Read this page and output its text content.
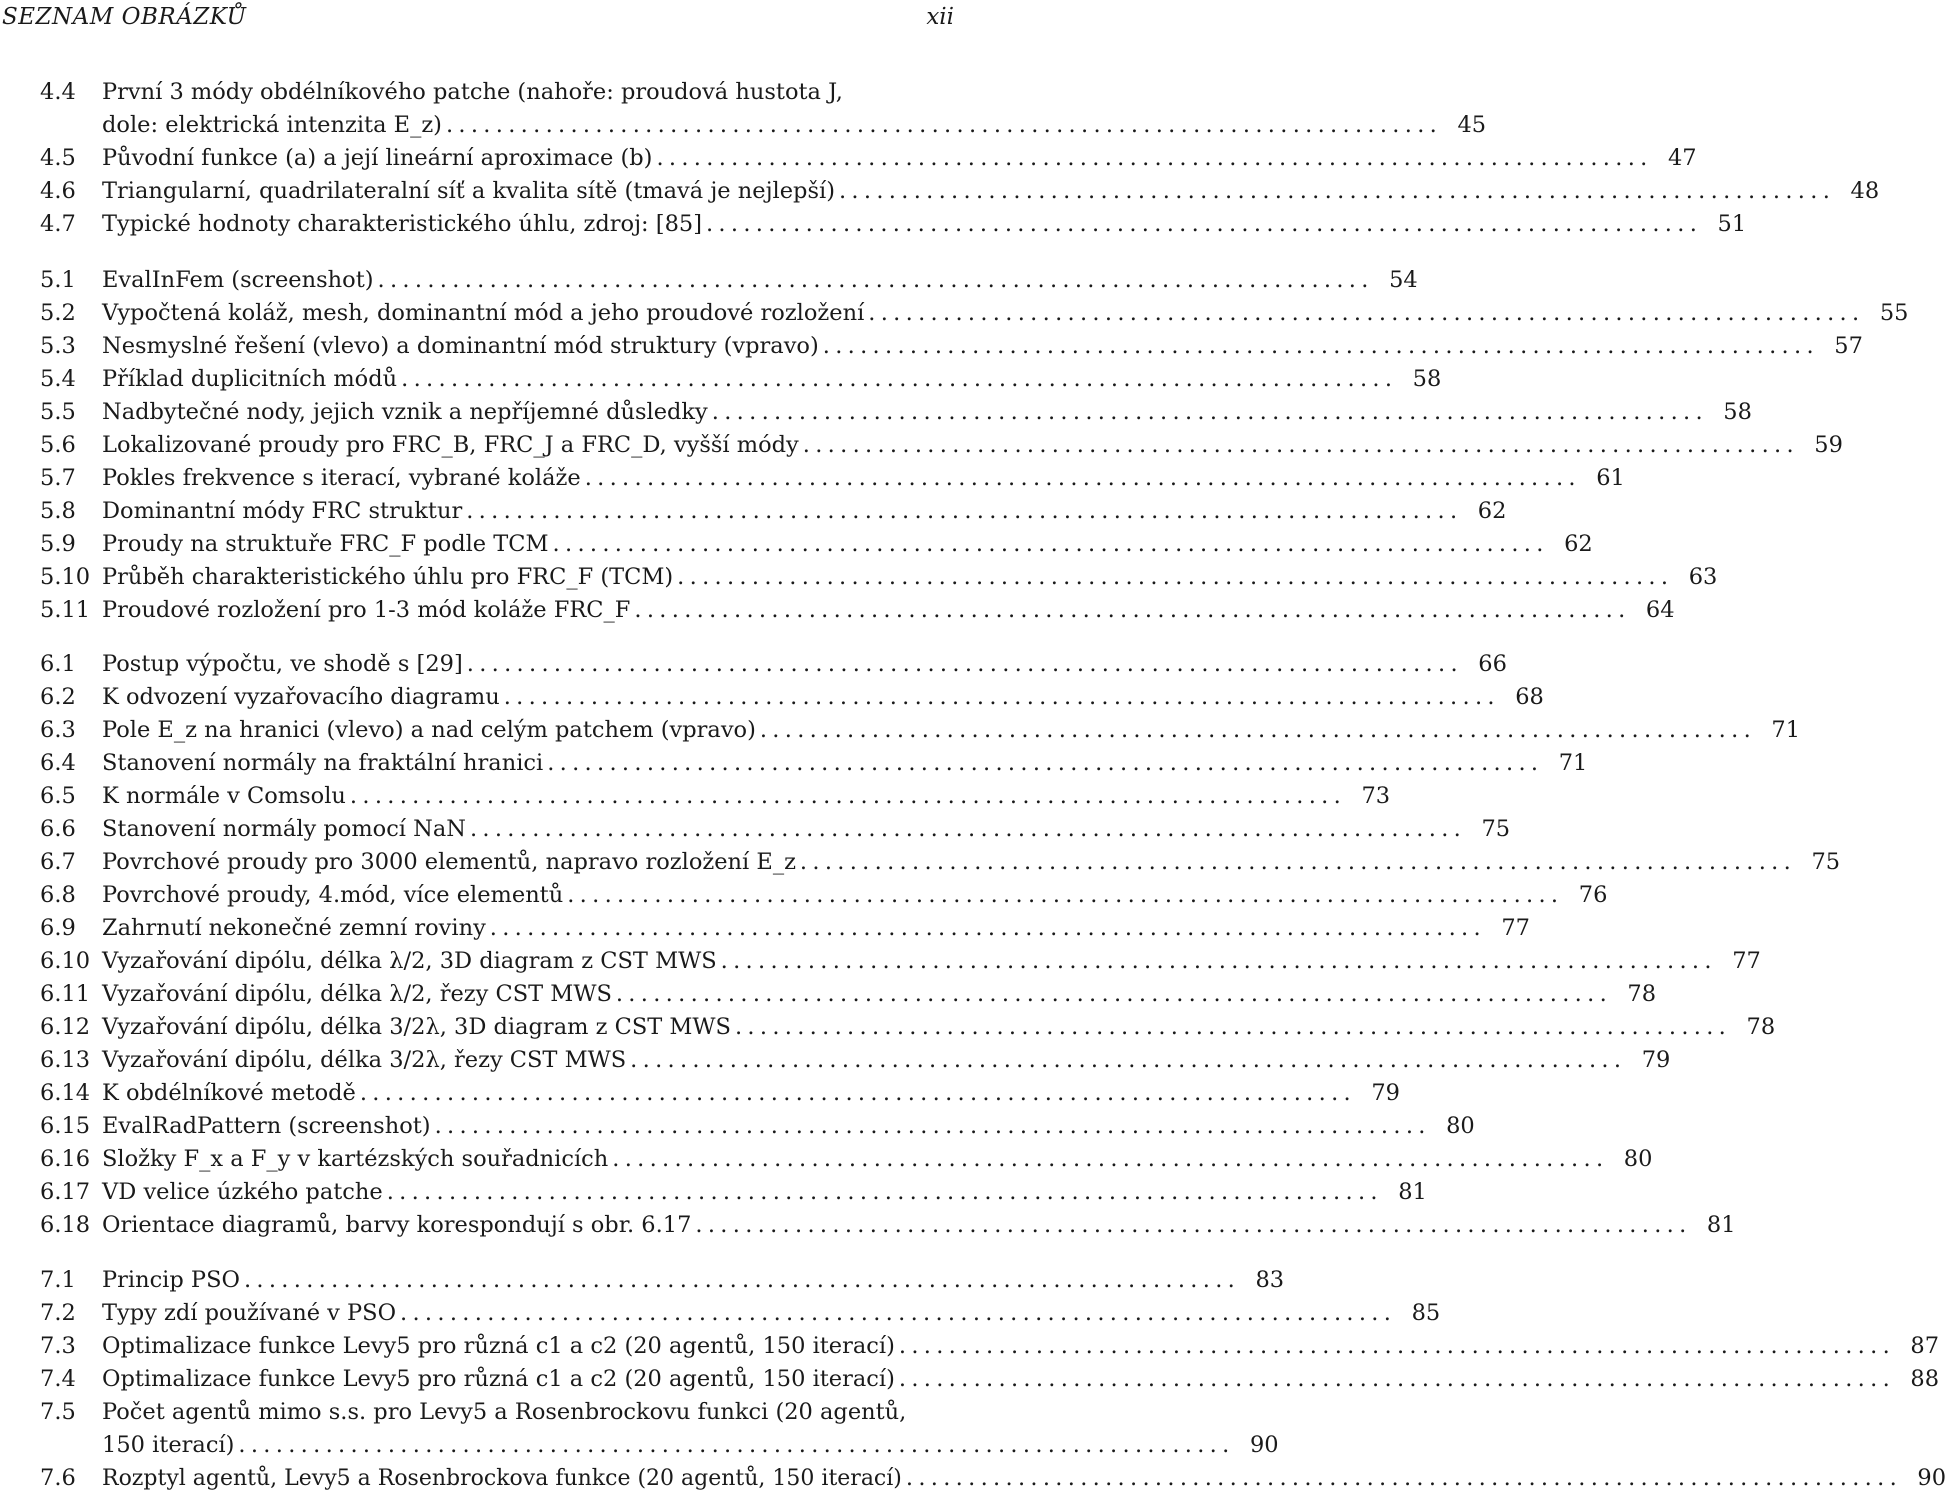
SEZNAM OBRÁZKŮ	xii
4.4	První 3 módy obdélníkového patche (nahoře: proudová hustota J,
dole: elektrická intenzita E_z) ................................................................................ 45
4.5	Původní funkce (a) a její lineární aproximace (b) ................................................................................ 47
4.6	Triangularní, quadrilateralní síť a kvalita sítě (tmavá je nejlepší) ................................................................................ 48
4.7	Typické hodnoty charakteristického úhlu, zdroj: [85] ................................................................................ 51
5.1	EvalInFem (screenshot) ................................................................................ 54
5.2	Vypočtená koláž, mesh, dominantní mód a jeho proudové rozložení ................................................................................ 55
5.3	Nesmyslné řešení (vlevo) a dominantní mód struktury (vpravo) ................................................................................ 57
5.4	Příklad duplicitních módů ................................................................................ 58
5.5	Nadbytečné nody, jejich vznik a nepříjemné důsledky ................................................................................ 58
5.6	Lokalizované proudy pro FRC_B, FRC_J a FRC_D, vyšší módy ................................................................................ 59
5.7	Pokles frekvence s iterací, vybrané koláže ................................................................................ 61
5.8	Dominantní módy FRC struktur ................................................................................ 62
5.9	Proudy na struktuře FRC_F podle TCM ................................................................................ 62
5.10 Průběh charakteristického úhlu pro FRC_F (TCM) ................................................................................ 63
5.11 Proudové rozložení pro 1-3 mód koláže FRC_F ................................................................................ 64
6.1	Postup výpočtu, ve shodě s [29] ................................................................................ 66
6.2	K odvození vyzařovacího diagramu ................................................................................ 68
6.3	Pole E_z na hranici (vlevo) a nad celým patchem (vpravo) ................................................................................ 71
6.4	Stanovení normály na fraktální hranici ................................................................................ 71
6.5	K normále v Comsolu ................................................................................ 73
6.6	Stanovení normály pomocí NaN ................................................................................ 75
6.7	Povrchové proudy pro 3000 elementů, napravo rozložení E_z ................................................................................ 75
6.8	Povrchové proudy, 4.mód, více elementů ................................................................................ 76
6.9	Zahrnutí nekonečné zemní roviny ................................................................................ 77
6.10 Vyzařování dipólu, délka λ/2, 3D diagram z CST MWS ................................................................................ 77
6.11 Vyzařování dipólu, délka λ/2, řezy CST MWS ................................................................................ 78
6.12 Vyzařování dipólu, délka 3/2λ, 3D diagram z CST MWS ................................................................................ 78
6.13 Vyzařování dipólu, délka 3/2λ, řezy CST MWS ................................................................................ 79
6.14 K obdélníkové metodě ................................................................................ 79
6.15 EvalRadPattern (screenshot) ................................................................................ 80
6.16 Složky F_x a F_y v kartézských souřadnicích ................................................................................ 80
6.17 VD velice úzkého patche ................................................................................ 81
6.18 Orientace diagramů, barvy korespondují s obr. 6.17 ................................................................................ 81
7.1	Princip PSO ................................................................................ 83
7.2	Typy zdí používané v PSO ................................................................................ 85
7.3	Optimalizace funkce Levy5 pro různá c1 a c2 (20 agentů, 150 iterací) ................................................................................ 87
7.4	Optimalizace funkce Levy5 pro různá c1 a c2 (20 agentů, 150 iterací) ................................................................................ 88
7.5	Počet agentů mimo s.s. pro Levy5 a Rosenbrockovu funkci (20 agentů,
150 iterací) ................................................................................ 90
7.6	Rozptyl agentů, Levy5 a Rosenbrockova funkce (20 agentů, 150 iterací) ................................................................................ 90
